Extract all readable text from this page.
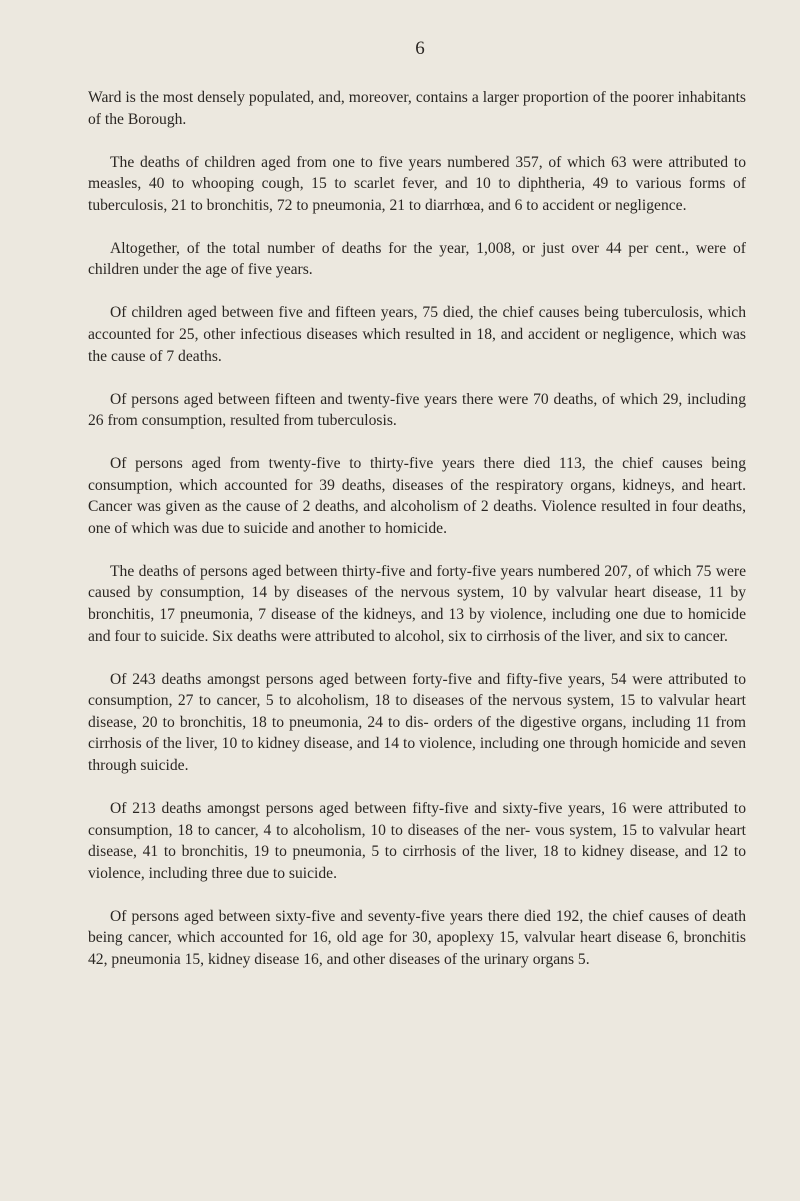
6

Ward is the most densely populated, and, moreover, contains a larger proportion of the poorer inhabitants of the Borough.

The deaths of children aged from one to five years numbered 357, of which 63 were attributed to measles, 40 to whooping cough, 15 to scarlet fever, and 10 to diphtheria, 49 to various forms of tuberculosis, 21 to bronchitis, 72 to pneumonia, 21 to diarrhœa, and 6 to accident or negligence.

Altogether, of the total number of deaths for the year, 1,008, or just over 44 per cent., were of children under the age of five years.

Of children aged between five and fifteen years, 75 died, the chief causes being tuberculosis, which accounted for 25, other infectious diseases which resulted in 18, and accident or negligence, which was the cause of 7 deaths.

Of persons aged between fifteen and twenty-five years there were 70 deaths, of which 29, including 26 from consumption, resulted from tuberculosis.

Of persons aged from twenty-five to thirty-five years there died 113, the chief causes being consumption, which accounted for 39 deaths, diseases of the respiratory organs, kidneys, and heart. Cancer was given as the cause of 2 deaths, and alcoholism of 2 deaths. Violence resulted in four deaths, one of which was due to suicide and another to homicide.

The deaths of persons aged between thirty-five and forty-five years numbered 207, of which 75 were caused by consumption, 14 by diseases of the nervous system, 10 by valvular heart disease, 11 by bronchitis, 17 pneumonia, 7 disease of the kidneys, and 13 by violence, including one due to homicide and four to suicide. Six deaths were attributed to alcohol, six to cirrhosis of the liver, and six to cancer.

Of 243 deaths amongst persons aged between forty-five and fifty-five years, 54 were attributed to consumption, 27 to cancer, 5 to alcoholism, 18 to diseases of the nervous system, 15 to valvular heart disease, 20 to bronchitis, 18 to pneumonia, 24 to dis- orders of the digestive organs, including 11 from cirrhosis of the liver, 10 to kidney disease, and 14 to violence, including one through homicide and seven through suicide.

Of 213 deaths amongst persons aged between fifty-five and sixty-five years, 16 were attributed to consumption, 18 to cancer, 4 to alcoholism, 10 to diseases of the ner- vous system, 15 to valvular heart disease, 41 to bronchitis, 19 to pneumonia, 5 to cirrhosis of the liver, 18 to kidney disease, and 12 to violence, including three due to suicide.

Of persons aged between sixty-five and seventy-five years there died 192, the chief causes of death being cancer, which accounted for 16, old age for 30, apoplexy 15, valvular heart disease 6, bronchitis 42, pneumonia 15, kidney disease 16, and other diseases of the urinary organs 5.
